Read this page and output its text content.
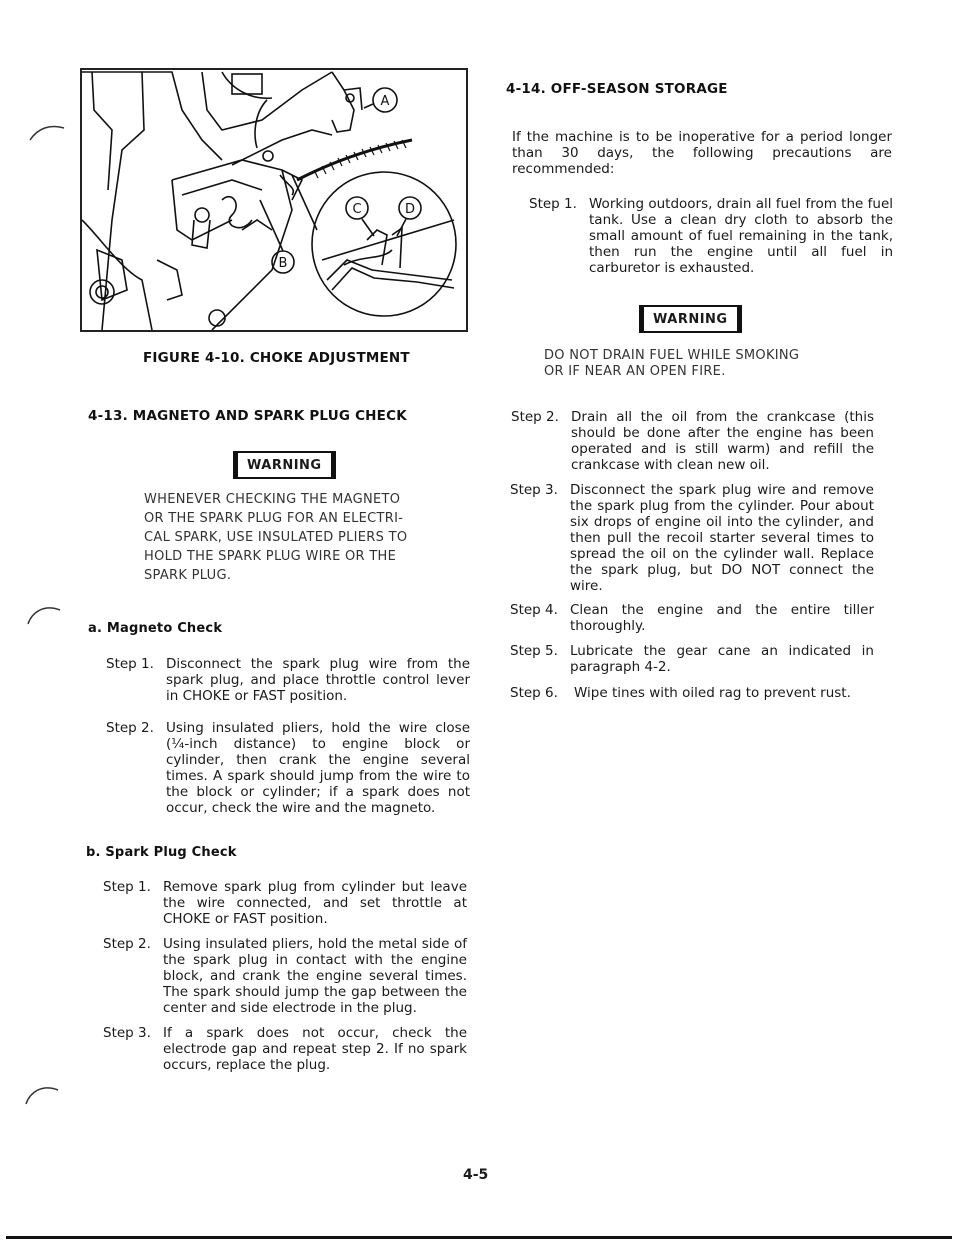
A
B
C	D
FIGURE 4-10. CHOKE ADJUSTMENT
4-13. MAGNETO AND SPARK PLUG CHECK
WARNING
WHENEVER CHECKING THE MAGNETO
OR THE SPARK PLUG FOR AN ELECTRI-
CAL SPARK, USE INSULATED PLIERS TO
HOLD THE SPARK PLUG WIRE OR THE
SPARK PLUG.
a. Magneto Check
Step 1. Disconnect the spark plug wire from the spark plug, and place throttle control lever in CHOKE or FAST position.
Step 2. Using insulated pliers, hold the wire close (¼-inch distance) to engine block or cylinder, then crank the engine several times. A spark should jump from the wire to the block or cylinder; if a spark does not occur, check the wire and the magneto.
b. Spark Plug Check
Step 1. Remove spark plug from cylinder but leave the wire connected, and set throttle at CHOKE or FAST position.
Step 2. Using insulated pliers, hold the metal side of the spark plug in contact with the engine block, and crank the engine several times. The spark should jump the gap between the center and side electrode in the plug.
Step 3. If a spark does not occur, check the electrode gap and repeat step 2. If no spark occurs, replace the plug.
4-14. OFF-SEASON STORAGE
If the machine is to be inoperative for a period longer than 30 days, the following precautions are recommended:
Step 1. Working outdoors, drain all fuel from the fuel tank. Use a clean dry cloth to absorb the small amount of fuel remaining in the tank, then run the engine until all fuel in carburetor is exhausted.
WARNING
DO NOT DRAIN FUEL WHILE SMOKING
OR IF NEAR AN OPEN FIRE.
Step 2. Drain all the oil from the crankcase (this should be done after the engine has been operated and is still warm) and refill the crankcase with clean new oil.
Step 3. Disconnect the spark plug wire and remove the spark plug from the cylinder. Pour about six drops of engine oil into the cylinder, and then pull the recoil starter several times to spread the oil on the cylinder wall. Replace the spark plug, but DO NOT connect the wire.
Step 4. Clean the engine and the entire tiller thoroughly.
Step 5. Lubricate the gear cane an indicated in paragraph 4-2.
Step 6.	Wipe tines with oiled rag to prevent rust.
4-5
